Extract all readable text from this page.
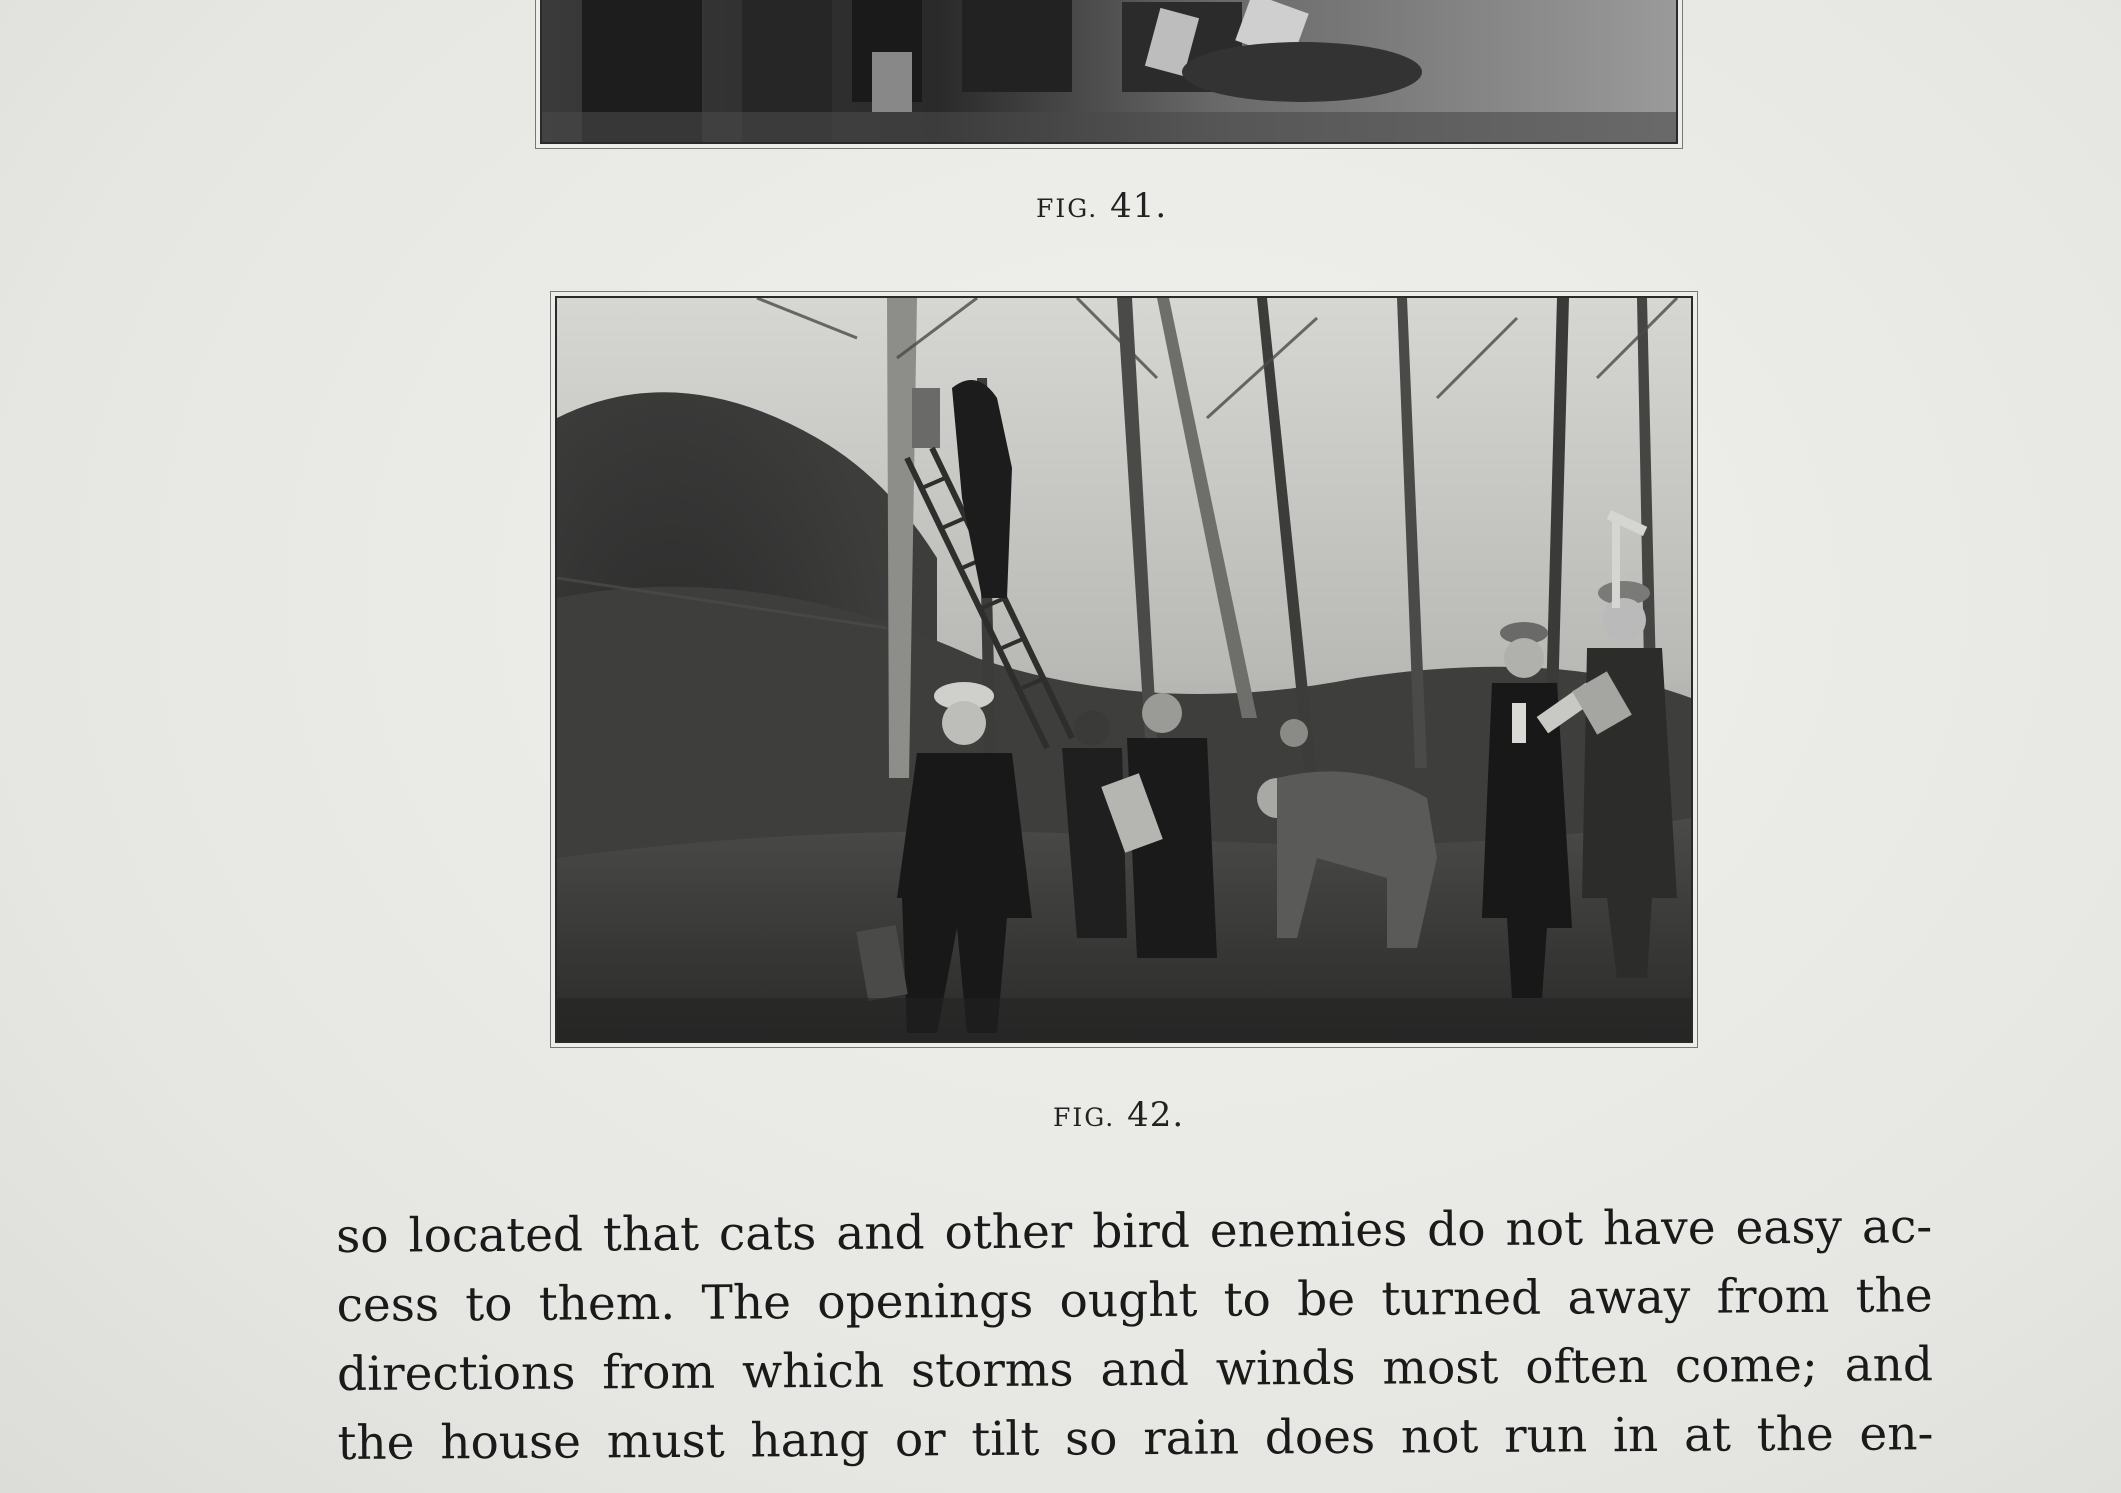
FIG. 41.
FIG. 42.
so located that cats and other bird enemies do not have easy ac-
cess to them. The openings ought to be turned away from the
directions from which storms and winds most often come; and
the house must hang or tilt so rain does not run in at the en-
